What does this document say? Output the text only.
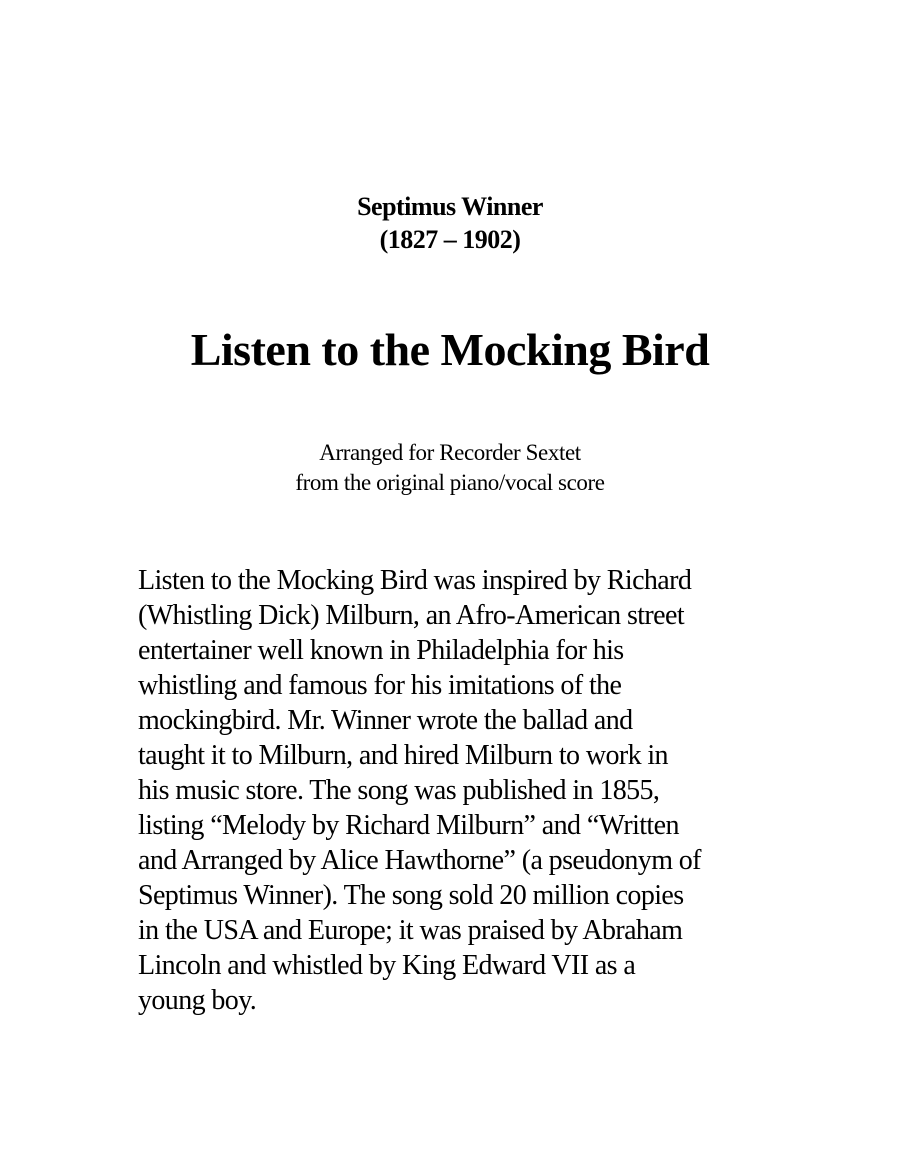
Septimus Winner
(1827 – 1902)
Listen to the Mocking Bird
Arranged for Recorder Sextet
from the original piano/vocal score
Listen to the Mocking Bird was inspired by Richard
(Whistling Dick) Milburn, an Afro-American street
entertainer well known in Philadelphia for his
whistling and famous for his imitations of the
mockingbird. Mr. Winner wrote the ballad and
taught it to Milburn, and hired Milburn to work in
his music store. The song was published in 1855,
listing “Melody by Richard Milburn” and “Written
and Arranged by Alice Hawthorne” (a pseudonym of
Septimus Winner). The song sold 20 million copies
in the USA and Europe; it was praised by Abraham
Lincoln and whistled by King Edward VII as a
young boy.
